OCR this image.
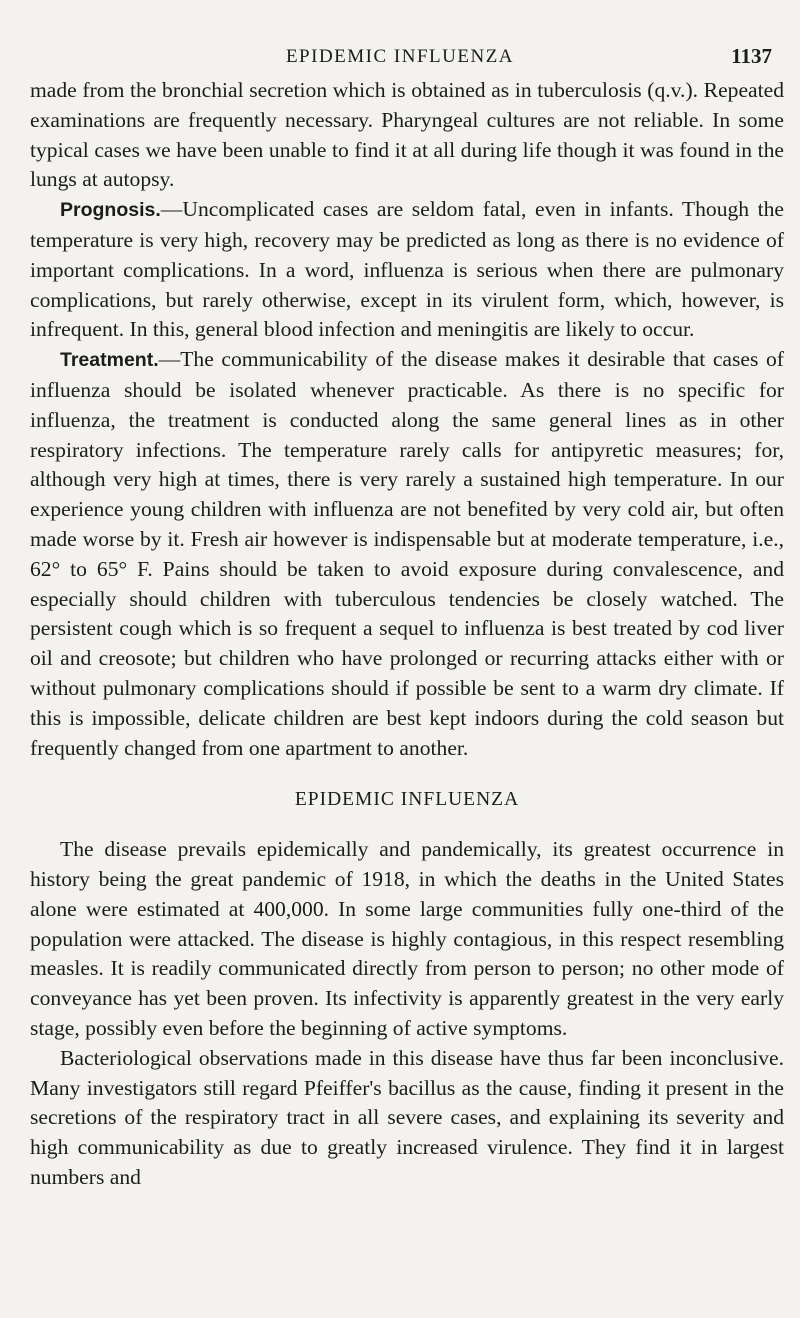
EPIDEMIC INFLUENZA	1137

made from the bronchial secretion which is obtained as in tuberculosis (q.v.). Repeated examinations are frequently necessary. Pharyngeal cultures are not reliable. In some typical cases we have been unable to find it at all during life though it was found in the lungs at autopsy.

Prognosis.—Uncomplicated cases are seldom fatal, even in infants. Though the temperature is very high, recovery may be predicted as long as there is no evidence of important complications. In a word, influenza is serious when there are pulmonary complications, but rarely otherwise, except in its virulent form, which, however, is infrequent. In this, general blood infection and meningitis are likely to occur.

Treatment.—The communicability of the disease makes it desirable that cases of influenza should be isolated whenever practicable. As there is no specific for influenza, the treatment is conducted along the same general lines as in other respiratory infections. The temperature rarely calls for antipyretic measures; for, although very high at times, there is very rarely a sustained high temperature. In our experience young children with influenza are not benefited by very cold air, but often made worse by it. Fresh air however is indispensable but at moderate temperature, i.e., 62° to 65° F. Pains should be taken to avoid exposure during convalescence, and especially should children with tuberculous tendencies be closely watched. The persistent cough which is so frequent a sequel to influenza is best treated by cod liver oil and creosote; but children who have prolonged or recurring attacks either with or without pulmonary complications should if possible be sent to a warm dry climate. If this is impossible, delicate children are best kept indoors during the cold season but frequently changed from one apartment to another.

EPIDEMIC INFLUENZA

The disease prevails epidemically and pandemically, its greatest occurrence in history being the great pandemic of 1918, in which the deaths in the United States alone were estimated at 400,000. In some large communities fully one-third of the population were attacked. The disease is highly contagious, in this respect resembling measles. It is readily communicated directly from person to person; no other mode of conveyance has yet been proven. Its infectivity is apparently greatest in the very early stage, possibly even before the beginning of active symptoms.

Bacteriological observations made in this disease have thus far been inconclusive. Many investigators still regard Pfeiffer's bacillus as the cause, finding it present in the secretions of the respiratory tract in all severe cases, and explaining its severity and high communicability as due to greatly increased virulence. They find it in largest numbers and
